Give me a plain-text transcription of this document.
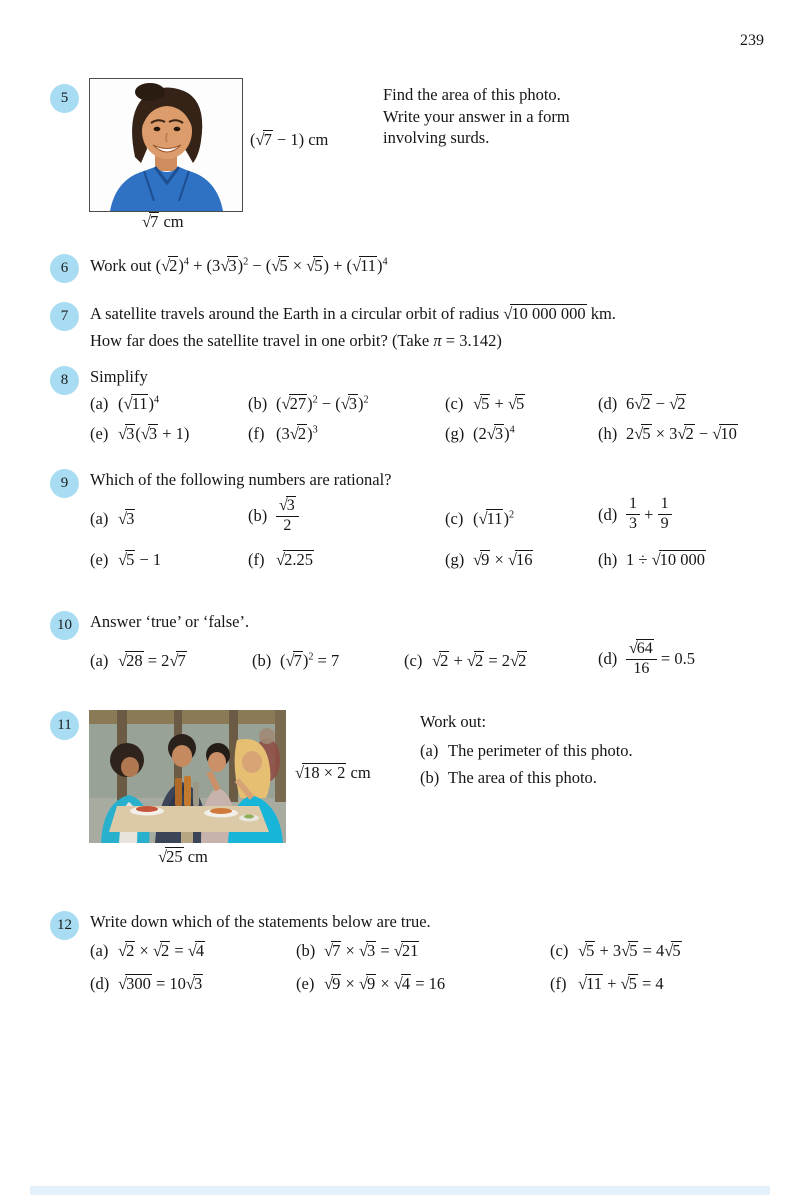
239
5
(√7 − 1) cm
√7 cm
Find the area of this photo.
Write your answer in a form
involving surds.
6	Work out $(√2)^4 + (3√3)^2 - (√5 \times √5) + (√11)^4$
7	A satellite travels around the Earth in a circular orbit of radius √10 000 000 km.
How far does the satellite travel in one orbit? (Take π = 3.142)
8	Simplify
(a) $(√11)^4$	(b) $(√27)^2 - (√3)^2$	(c) √5 + √5	(d) 6√2 − √2
(e) √3(√3 + 1)	(f) $(3√2)^3$	(g) $(2√3)^4$	(h) 2√5 × 3√2 − √10
9	Which of the following numbers are rational?
(a) √3	$(b) \frac{√3}{2}$	(c) $(√11)^2$	$(d) \frac{1}{3} + \frac{1}{9}$
(e) √5 − 1	(f) √2.25	(g) √9 × √16	(h) 1 ÷ √10 000
10	Answer ‘true’ or ‘false’.
(a) √28 = 2√7	(b) $(√7)^2 = 7$	(c) √2 + √2 = 2√2	$(d) \frac{√64}{16} = 0.5$
11
√18 × 2 cm
√25 cm
Work out:
(a) The perimeter of this photo.
(b) The area of this photo.
12	Write down which of the statements below are true.
(a) √2 × √2 = √4	(b) √7 × √3 = √21	(c) √5 + 3√5 = 4√5
(d) √300 = 10√3	(e) √9 × √9 × √4 = 16	(f) √11 + √5 = 4
